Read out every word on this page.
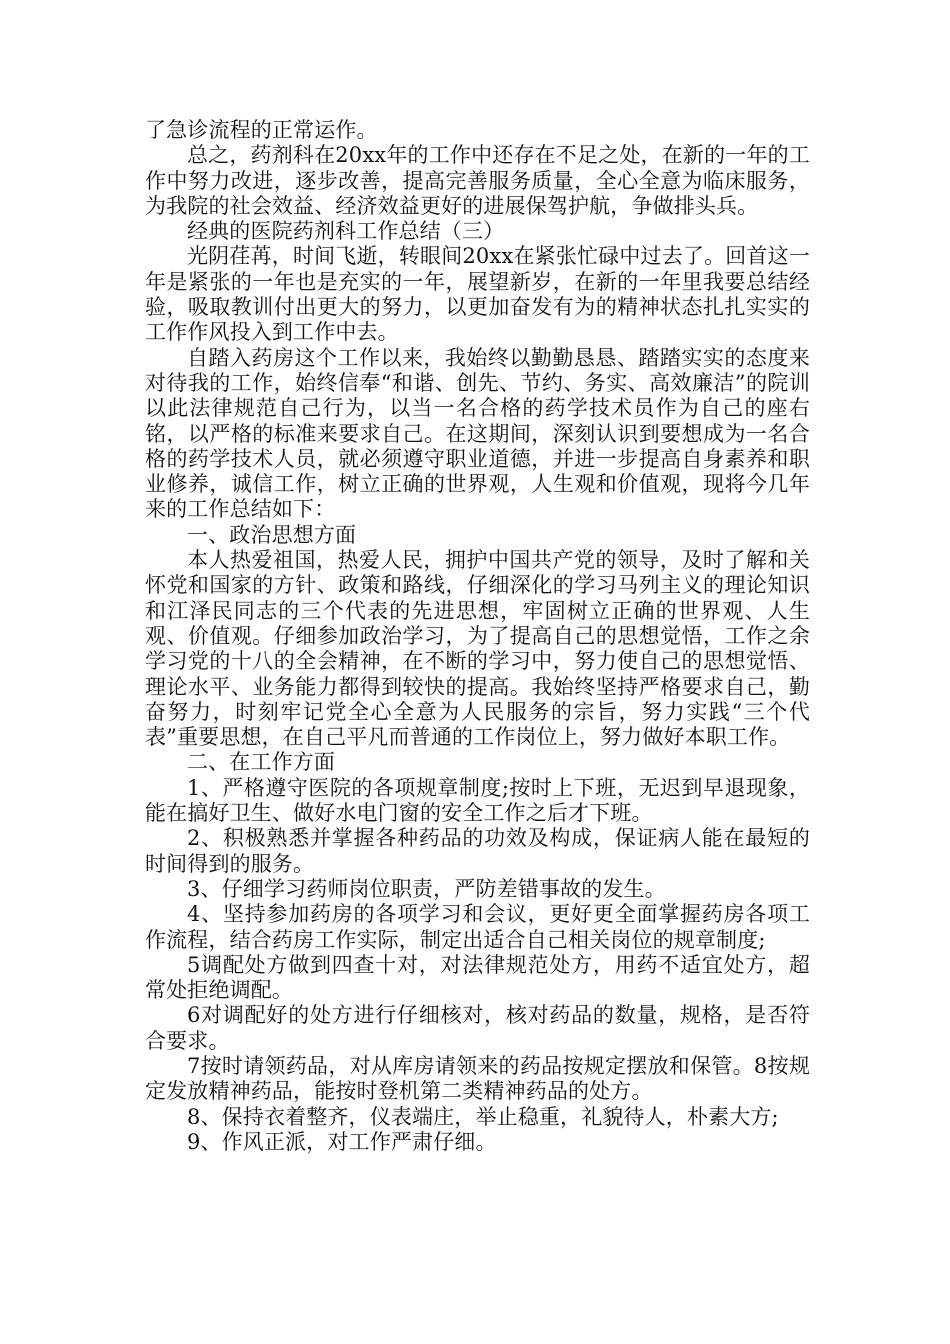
了急诊流程的正常运作。

总之，药剂科在20xx年的工作中还存在不足之处，在新的一年的工作中努力改进，逐步改善，提高完善服务质量，全心全意为临床服务，为我院的社会效益、经济效益更好的进展保驾护航，争做排头兵。

经典的医院药剂科工作总结（三）

光阴荏苒，时间飞逝，转眼间20xx在紧张忙碌中过去了。回首这一年是紧张的一年也是充实的一年，展望新岁，在新的一年里我要总结经验，吸取教训付出更大的努力，以更加奋发有为的精神状态扎扎实实的工作作风投入到工作中去。

自踏入药房这个工作以来，我始终以勤勤恳恳、踏踏实实的态度来对待我的工作，始终信奉“和谐、创先、节约、务实、高效廉洁”的院训以此法律规范自己行为，以当一名合格的药学技术员作为自己的座右铭，以严格的标准来要求自己。在这期间，深刻认识到要想成为一名合格的药学技术人员，就必须遵守职业道德，并进一步提高自身素养和职业修养，诚信工作，树立正确的世界观，人生观和价值观，现将今几年来的工作总结如下：

一、政治思想方面

本人热爱祖国，热爱人民，拥护中国共产党的领导，及时了解和关怀党和国家的方针、政策和路线，仔细深化的学习马列主义的理论知识和江泽民同志的三个代表的先进思想，牢固树立正确的世界观、人生观、价值观。仔细参加政治学习，为了提高自己的思想觉悟，工作之余学习党的十八的全会精神，在不断的学习中，努力使自己的思想觉悟、理论水平、业务能力都得到较快的提高。我始终坚持严格要求自己，勤奋努力，时刻牢记党全心全意为人民服务的宗旨，努力实践“三个代表”重要思想，在自己平凡而普通的工作岗位上，努力做好本职工作。

二、在工作方面

1、严格遵守医院的各项规章制度;按时上下班，无迟到早退现象，能在搞好卫生、做好水电门窗的安全工作之后才下班。

2、积极熟悉并掌握各种药品的功效及构成，保证病人能在最短的时间得到的服务。

3、仔细学习药师岗位职责，严防差错事故的发生。

4、坚持参加药房的各项学习和会议，更好更全面掌握药房各项工作流程，结合药房工作实际，制定出适合自己相关岗位的规章制度;

5调配处方做到四查十对，对法律规范处方，用药不适宜处方，超常处拒绝调配。

6对调配好的处方进行仔细核对，核对药品的数量，规格，是否符合要求。

7按时请领药品，对从库房请领来的药品按规定摆放和保管。8按规定发放精神药品，能按时登机第二类精神药品的处方。

8、保持衣着整齐，仪表端庄，举止稳重，礼貌待人，朴素大方;

9、作风正派，对工作严肃仔细。
